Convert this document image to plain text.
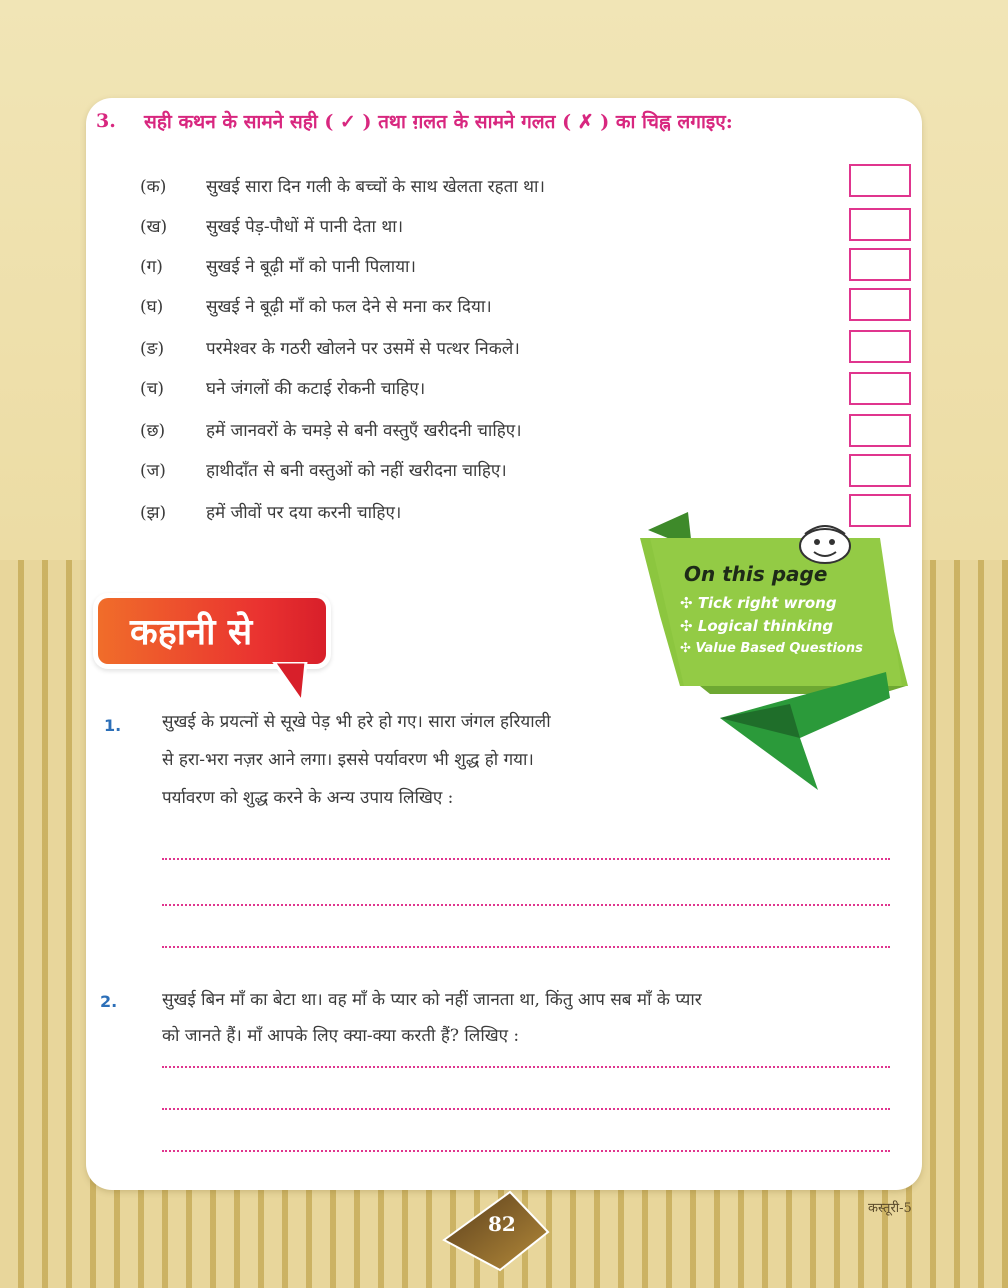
3. सही कथन के सामने सही ( ✓ ) तथा ग़लत के सामने गलत ( ✗ ) का चिह्न लगाइए:
(क) सुखई सारा दिन गली के बच्चों के साथ खेलता रहता था।
(ख) सुखई पेड़-पौधों में पानी देता था।
(ग)	सुखई ने बूढ़ी माँ को पानी पिलाया।
(घ)	सुखई ने बूढ़ी माँ को फल देने से मना कर दिया।
(ङ) परमेश्वर के गठरी खोलने पर उसमें से पत्थर निकले।
(च) घने जंगलों की कटाई रोकनी चाहिए।
(छ) हमें जानवरों के चमड़े से बनी वस्तुएँ खरीदनी चाहिए।
(ज) हाथीदाँत से बनी वस्तुओं को नहीं खरीदना चाहिए।
(झ) हमें जीवों पर दया करनी चाहिए।
On this page
✣ Tick right wrong
✣ Logical thinking
✣ Value Based Questions
कहानी से
1. सुखई के प्रयत्नों से सूखे पेड़ भी हरे हो गए। सारा जंगल हरियाली
से हरा-भरा नज़र आने लगा। इससे पर्यावरण भी शुद्ध हो गया।
पर्यावरण को शुद्ध करने के अन्य उपाय लिखिए :
2.	सुखई बिन माँ का बेटा था। वह माँ के प्यार को नहीं जानता था, किंतु आप सब माँ के प्यार
को जानते हैं। माँ आपके लिए क्या-क्या करती हैं? लिखिए :
82
कस्तूरी-5
